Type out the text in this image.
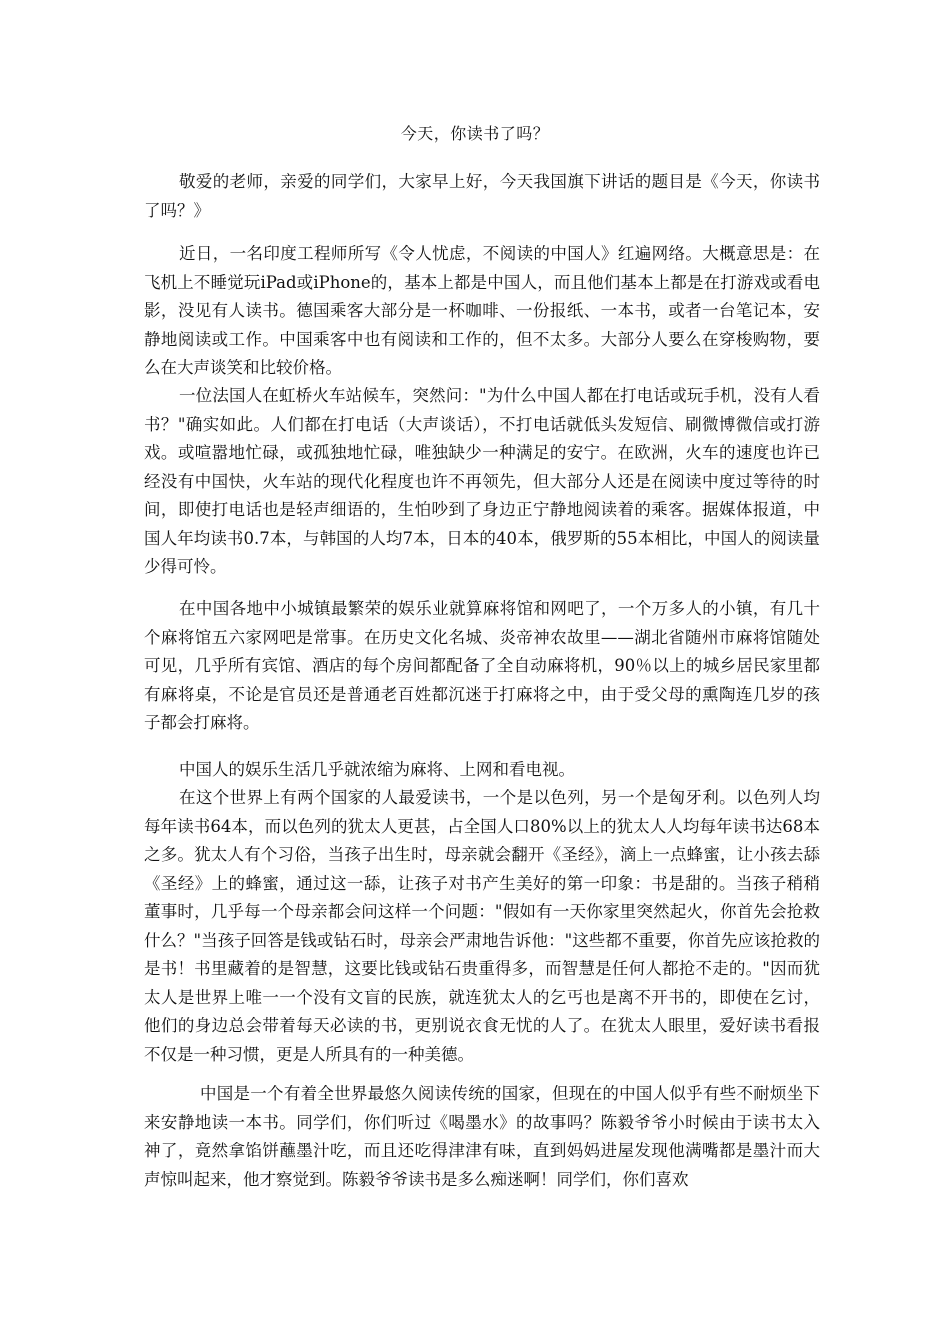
今天，你读书了吗？

敬爱的老师，亲爱的同学们，大家早上好，今天我国旗下讲话的题目是《今天，你读书了吗？》

近日，一名印度工程师所写《令人忧虑，不阅读的中国人》红遍网络。大概意思是：在飞机上不睡觉玩iPad或iPhone的，基本上都是中国人，而且他们基本上都是在打游戏或看电影，没见有人读书。德国乘客大部分是一杯咖啡、一份报纸、一本书，或者一台笔记本，安静地阅读或工作。中国乘客中也有阅读和工作的，但不太多。大部分人要么在穿梭购物，要么在大声谈笑和比较价格。

一位法国人在虹桥火车站候车，突然问："为什么中国人都在打电话或玩手机，没有人看书？"确实如此。人们都在打电话（大声谈话），不打电话就低头发短信、刷微博微信或打游戏。或喧嚣地忙碌，或孤独地忙碌，唯独缺少一种满足的安宁。在欧洲，火车的速度也许已经没有中国快，火车站的现代化程度也许不再领先，但大部分人还是在阅读中度过等待的时间，即使打电话也是轻声细语的，生怕吵到了身边正宁静地阅读着的乘客。据媒体报道，中国人年均读书0.7本，与韩国的人均7本，日本的40本，俄罗斯的55本相比，中国人的阅读量少得可怜。

在中国各地中小城镇最繁荣的娱乐业就算麻将馆和网吧了，一个万多人的小镇，有几十个麻将馆五六家网吧是常事。在历史文化名城、炎帝神农故里——湖北省随州市麻将馆随处可见，几乎所有宾馆、酒店的每个房间都配备了全自动麻将机，90％以上的城乡居民家里都有麻将桌，不论是官员还是普通老百姓都沉迷于打麻将之中，由于受父母的熏陶连几岁的孩子都会打麻将。

中国人的娱乐生活几乎就浓缩为麻将、上网和看电视。

在这个世界上有两个国家的人最爱读书，一个是以色列，另一个是匈牙利。以色列人均每年读书64本，而以色列的犹太人更甚，占全国人口80%以上的犹太人人均每年读书达68本之多。犹太人有个习俗，当孩子出生时，母亲就会翻开《圣经》，滴上一点蜂蜜，让小孩去舔《圣经》上的蜂蜜，通过这一舔，让孩子对书产生美好的第一印象：书是甜的。当孩子稍稍董事时，几乎每一个母亲都会问这样一个问题："假如有一天你家里突然起火，你首先会抢救什么？"当孩子回答是钱或钻石时，母亲会严肃地告诉他："这些都不重要，你首先应该抢救的是书！书里藏着的是智慧，这要比钱或钻石贵重得多，而智慧是任何人都抢不走的。"因而犹太人是世界上唯一一个没有文盲的民族，就连犹太人的乞丐也是离不开书的，即使在乞讨，他们的身边总会带着每天必读的书，更别说衣食无忧的人了。在犹太人眼里，爱好读书看报不仅是一种习惯，更是人所具有的一种美德。

中国是一个有着全世界最悠久阅读传统的国家，但现在的中国人似乎有些不耐烦坐下来安静地读一本书。同学们，你们听过《喝墨水》的故事吗？陈毅爷爷小时候由于读书太入神了，竟然拿馅饼蘸墨汁吃，而且还吃得津津有味，直到妈妈进屋发现他满嘴都是墨汁而大声惊叫起来，他才察觉到。陈毅爷爷读书是多么痴迷啊！同学们，你们喜欢
